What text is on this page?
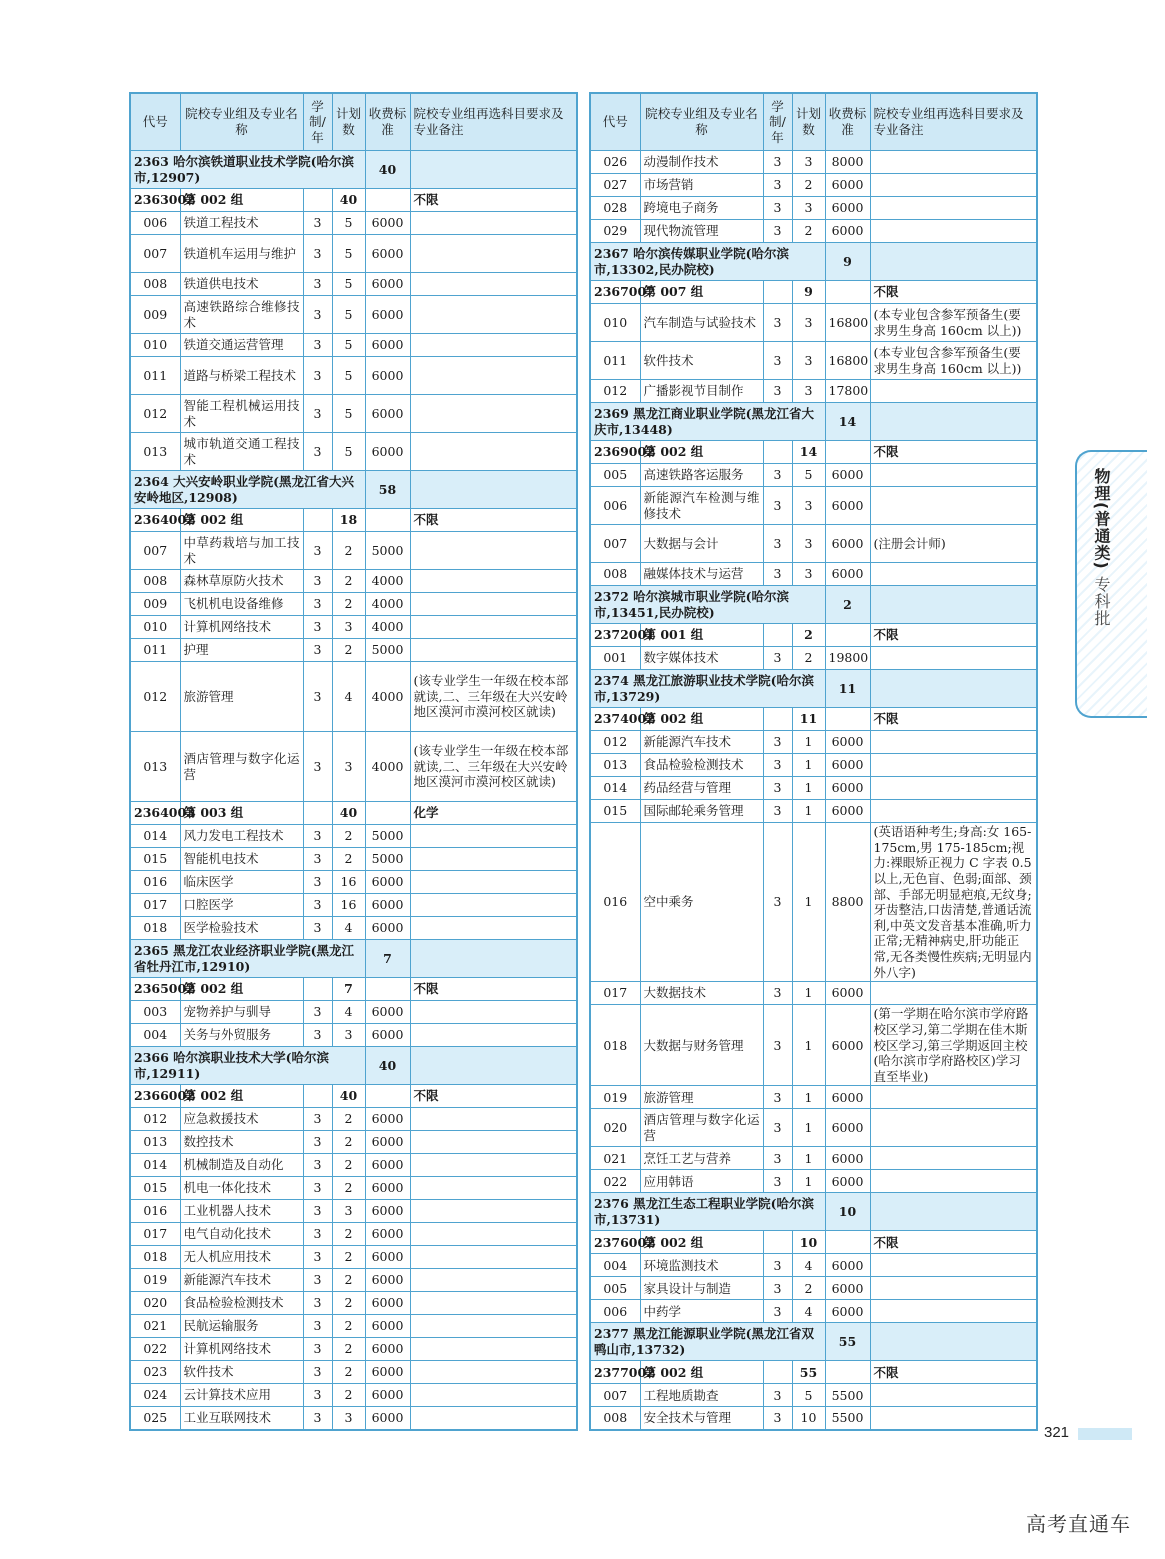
代号	院校专业组及专业名称	学制/年	计划数	收费标准	院校专业组再选科目要求及专业备注
2363 哈尔滨铁道职业技术学院(哈尔滨市,12907)				40	
2363002	第 002 组		40		不限
006	铁道工程技术	3	5	6000	
007	铁道机车运用与维护	3	5	6000	
008	铁道供电技术	3	5	6000	
009	高速铁路综合维修技术	3	5	6000	
010	铁道交通运营管理	3	5	6000	
011	道路与桥梁工程技术	3	5	6000	
012	智能工程机械运用技术	3	5	6000	
013	城市轨道交通工程技术	3	5	6000	
2364 大兴安岭职业学院(黑龙江省大兴安岭地区,12908)				58	
2364002	第 002 组		18		不限
007	中草药栽培与加工技术	3	2	5000	
008	森林草原防火技术	3	2	4000	
009	飞机机电设备维修	3	2	4000	
010	计算机网络技术	3	3	4000	
011	护理	3	2	5000	
012	旅游管理	3	4	4000	(该专业学生一年级在校本部就读,二、三年级在大兴安岭地区漠河市漠河校区就读)
013	酒店管理与数字化运营	3	3	4000	(该专业学生一年级在校本部就读,二、三年级在大兴安岭地区漠河市漠河校区就读)
2364003	第 003 组		40		化学
014	风力发电工程技术	3	2	5000	
015	智能机电技术	3	2	5000	
016	临床医学	3	16	6000	
017	口腔医学	3	16	6000	
018	医学检验技术	3	4	6000	
2365 黑龙江农业经济职业学院(黑龙江省牡丹江市,12910)				7	
2365002	第 002 组		7		不限
003	宠物养护与驯导	3	4	6000	
004	关务与外贸服务	3	3	6000	
2366 哈尔滨职业技术大学(哈尔滨市,12911)				40	
2366002	第 002 组		40		不限
012	应急救援技术	3	2	6000	
013	数控技术	3	2	6000	
014	机械制造及自动化	3	2	6000	
015	机电一体化技术	3	2	6000	
016	工业机器人技术	3	3	6000	
017	电气自动化技术	3	2	6000	
018	无人机应用技术	3	2	6000	
019	新能源汽车技术	3	2	6000	
020	食品检验检测技术	3	2	6000	
021	民航运输服务	3	2	6000	
022	计算机网络技术	3	2	6000	
023	软件技术	3	2	6000	
024	云计算技术应用	3	2	6000	
025	工业互联网技术	3	3	6000	
代号	院校专业组及专业名称	学制/年	计划数	收费标准	院校专业组再选科目要求及专业备注
026	动漫制作技术	3	3	8000	
027	市场营销	3	2	6000	
028	跨境电子商务	3	3	6000	
029	现代物流管理	3	2	6000	
2367 哈尔滨传媒职业学院(哈尔滨市,13302,民办院校)				9	
2367007	第 007 组		9		不限
010	汽车制造与试验技术	3	3	16800	(本专业包含参军预备生(要求男生身高 160cm 以上))
011	软件技术	3	3	16800	(本专业包含参军预备生(要求男生身高 160cm 以上))
012	广播影视节目制作	3	3	17800	
2369 黑龙江商业职业学院(黑龙江省大庆市,13448)				14	
2369002	第 002 组		14		不限
005	高速铁路客运服务	3	5	6000	
006	新能源汽车检测与维修技术	3	3	6000	
007	大数据与会计	3	3	6000	(注册会计师)
008	融媒体技术与运营	3	3	6000	
2372 哈尔滨城市职业学院(哈尔滨市,13451,民办院校)				2	
2372001	第 001 组		2		不限
001	数字媒体技术	3	2	19800	
2374 黑龙江旅游职业技术学院(哈尔滨市,13729)				11	
2374002	第 002 组		11		不限
012	新能源汽车技术	3	1	6000	
013	食品检验检测技术	3	1	6000	
014	药品经营与管理	3	1	6000	
015	国际邮轮乘务管理	3	1	6000	
016	空中乘务	3	1	8800	(英语语种考生;身高:女 165-175cm,男 175-185cm;视力:裸眼矫正视力 C 字表 0.5 以上,无色盲、色弱;面部、颈部、手部无明显疤痕,无纹身;牙齿整洁,口齿清楚,普通话流利,中英文发音基本准确,听力正常;无精神病史,肝功能正常,无各类慢性疾病;无明显内外八字)
017	大数据技术	3	1	6000	
018	大数据与财务管理	3	1	6000	(第一学期在哈尔滨市学府路校区学习,第二学期在佳木斯校区学习,第三学期返回主校(哈尔滨市学府路校区)学习直至毕业)
019	旅游管理	3	1	6000	
020	酒店管理与数字化运营	3	1	6000	
021	烹饪工艺与营养	3	1	6000	
022	应用韩语	3	1	6000	
2376 黑龙江生态工程职业学院(哈尔滨市,13731)				10	
2376002	第 002 组		10		不限
004	环境监测技术	3	4	6000	
005	家具设计与制造	3	2	6000	
006	中药学	3	4	6000	
2377 黑龙江能源职业学院(黑龙江省双鸭山市,13732)				55	
2377002	第 002 组		55		不限
007	工程地质勘查	3	5	5500	
008	安全技术与管理	3	10	5500	
物理(普通类) 专科批
321
高考直通车
